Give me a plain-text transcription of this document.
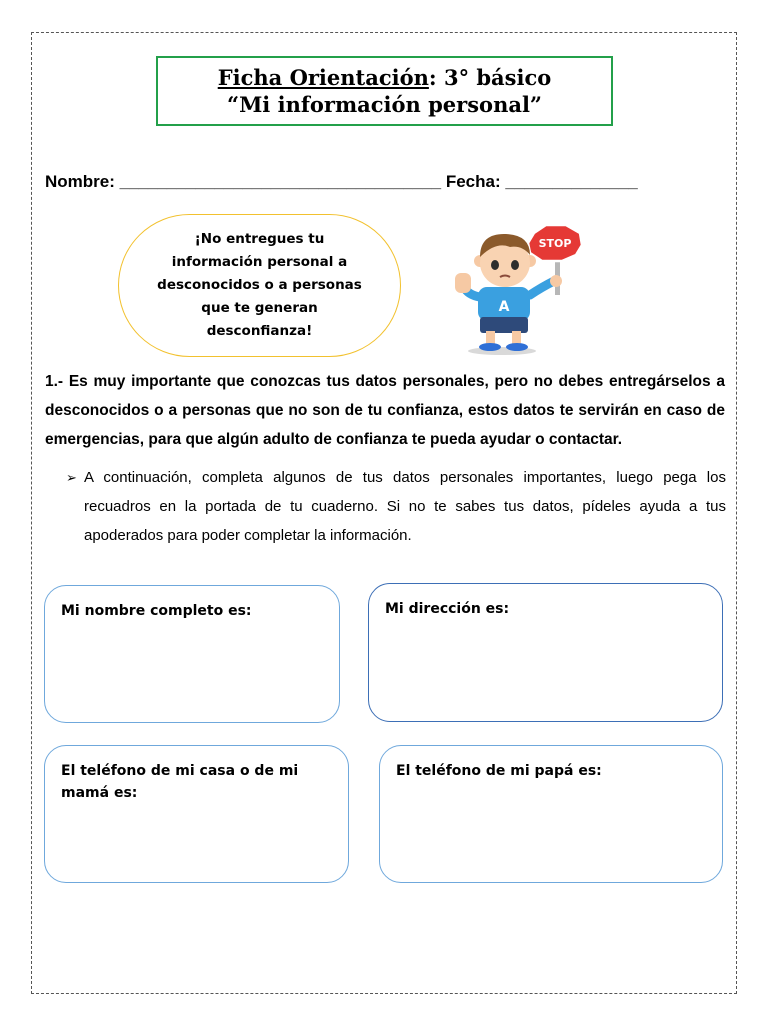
Ficha Orientación: 3° básico
“Mi información personal”
Nombre: __________________________________ Fecha: ______________
¡No entregues tu información personal a desconocidos o a personas que te generan desconfianza!
STOP
A
1.- Es muy importante que conozcas tus datos personales, pero no debes entregárselos a desconocidos o a personas que no son de tu confianza, estos datos te servirán en caso de emergencias, para que algún adulto de confianza te pueda ayudar o contactar.
➢ A continuación, completa algunos de tus datos personales importantes, luego pega los recuadros en la portada de tu cuaderno. Si no te sabes tus datos, pídeles ayuda a tus apoderados para poder completar la información.
Mi nombre completo es:	Mi dirección es:
El teléfono de mi casa o de mi mamá es:
El teléfono de mi papá es:
